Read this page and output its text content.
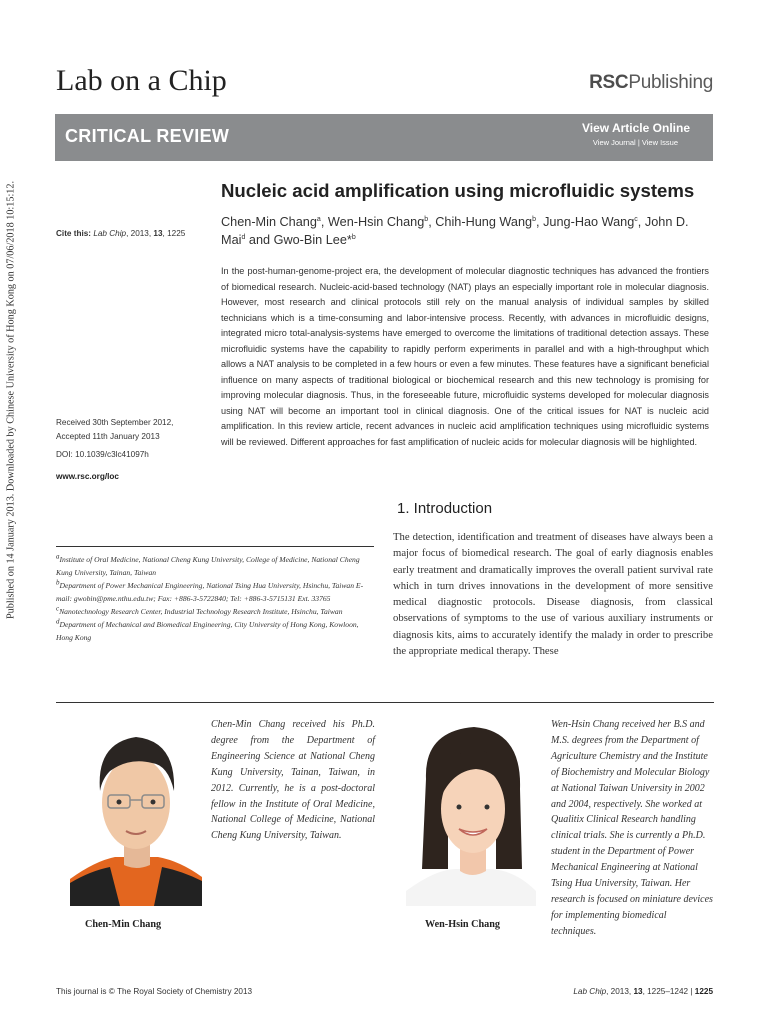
Published on 14 January 2013. Downloaded by Chinese University of Hong Kong on 07/06/2018 10:15:12.
Lab on a Chip	RSCPublishing
CRITICAL REVIEW	View Article Online
View Journal | View Issue
Nucleic acid amplification using microfluidic systems
Chen-Min Chang$^a$, Wen-Hsin Chang$^b$, Chih-Hung Wang$^b$, Jung-Hao Wang$^c$, John D. Mai$^d$ and Gwo-Bin Lee*$^b$
Cite this: Lab Chip, 2013, 13, 1225
In the post-human-genome-project era, the development of molecular diagnostic techniques has advanced the frontiers of biomedical research. Nucleic-acid-based technology (NAT) plays an especially important role in molecular diagnosis. However, most research and clinical protocols still rely on the manual analysis of individual samples by skilled technicians which is a time-consuming and labor-intensive process. Recently, with advances in microfluidic designs, integrated micro total-analysis-systems have emerged to overcome the limitations of traditional detection assays. These microfluidic systems have the capability to rapidly perform experiments in parallel and with a high-throughput which allows a NAT analysis to be completed in a few hours or even a few minutes. These features have a significant beneficial influence on many aspects of traditional biological or biochemical research and this new technology is promising for improving molecular diagnosis. Thus, in the foreseeable future, microfluidic systems developed for molecular diagnosis using NAT will become an important tool in clinical diagnosis. One of the critical issues for NAT is nucleic acid amplification. In this review article, recent advances in nucleic acid amplification techniques using microfluidic systems will be reviewed. Different approaches for fast amplification of nucleic acids for molecular diagnosis will be highlighted.
Received 30th September 2012,
Accepted 11th January 2013
DOI: 10.1039/c3lc41097h
www.rsc.org/loc

$^a$Institute of Oral Medicine, National Cheng Kung University, College of Medicine, National Cheng Kung University, Tainan, Taiwan

$^b$Department of Power Mechanical Engineering, National Tsing Hua University, Hsinchu, Taiwan E-mail: gwobin@pme.nthu.edu.tw; Fax: +886-3-5722840; Tel: +886-3-5715131 Ext. 33765

$^c$Nanotechnology Research Center, Industrial Technology Research Institute, Hsinchu, Taiwan

$^d$Department of Mechanical and Biomedical Engineering, City University of Hong Kong, Kowloon, Hong Kong

1. Introduction
The detection, identification and treatment of diseases have always been a major focus of biomedical research. The goal of early diagnosis enables early treatment and dramatically improves the overall patient survival rate which in turn drives innovations in the development of more sensitive medical diagnostic protocols. Disease diagnosis, from classical observations of symptoms to the use of various auxiliary instruments or diagnosis kits, aims to accurately identify the malady in order to prescribe the appropriate medical therapy. These
Chen-Min Chang
Chen-Min Chang received his Ph.D. degree from the Department of Engineering Science at National Cheng Kung University, Tainan, Taiwan, in 2012. Currently, he is a post-doctoral fellow in the Institute of Oral Medicine, National College of Medicine, National Cheng Kung University, Taiwan.
Wen-Hsin Chang
Wen-Hsin Chang received her B.S and M.S. degrees from the Department of Agriculture Chemistry and the Institute of Biochemistry and Molecular Biology at National Taiwan University in 2002 and 2004, respectively. She worked at Qualitix Clinical Research handling clinical trials. She is currently a Ph.D. student in the Department of Power Mechanical Engineering at National Tsing Hua University, Taiwan. Her research is focused on miniature devices for implementing biomedical techniques.
This journal is © The Royal Society of Chemistry 2013	Lab Chip, 2013, 13, 1225–1242 | 1225
